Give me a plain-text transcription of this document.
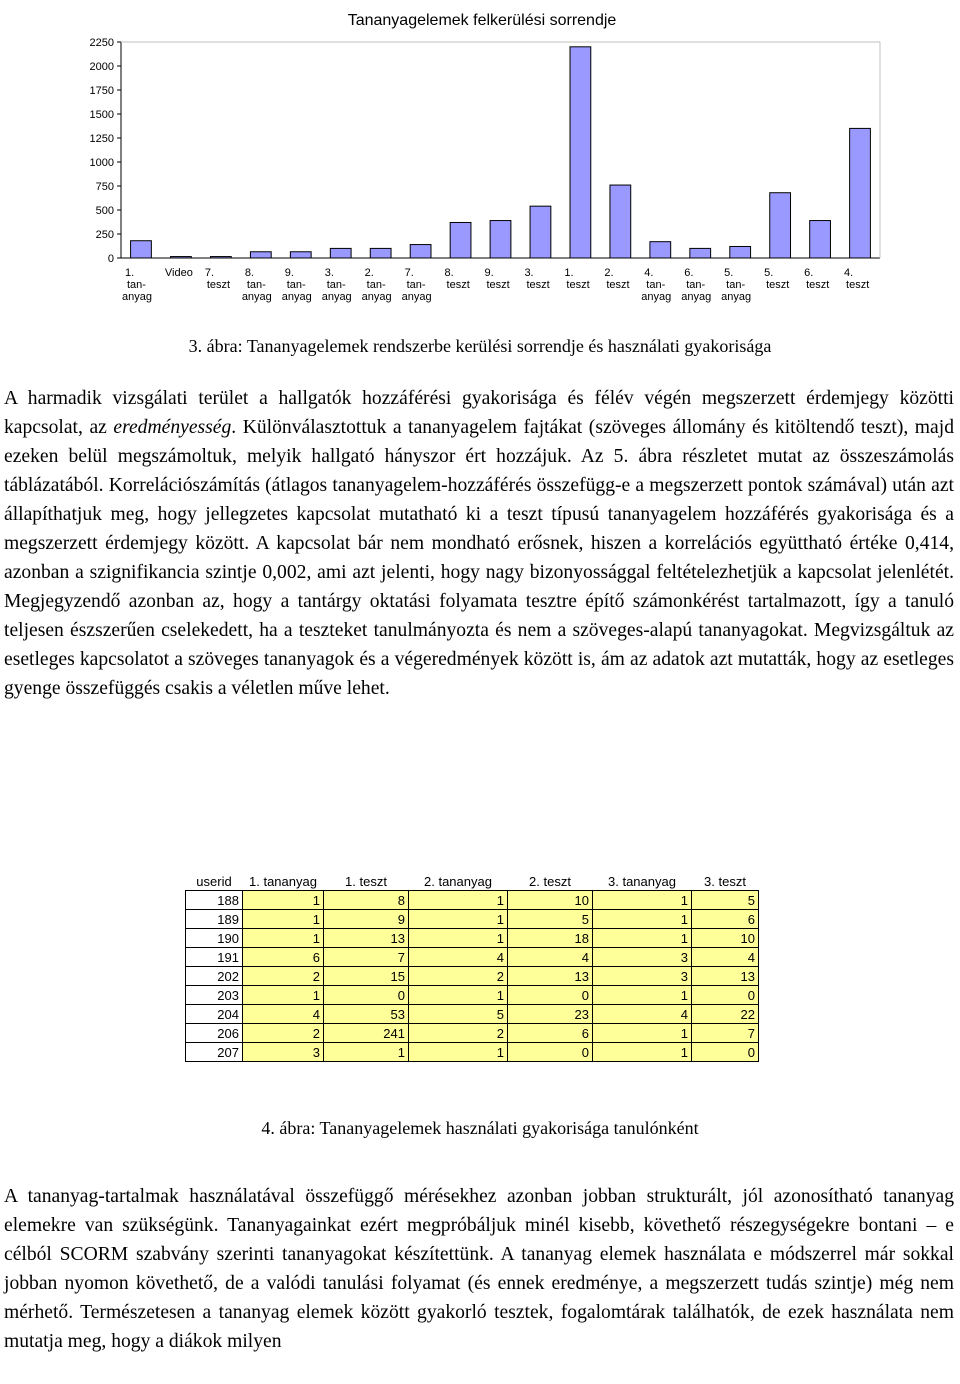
Tananyagelemek felkerülési sorrendje
0
250
500
750
1000
1250
1500
1750
2000
2250
1. tan-anyag
Video 7. teszt
8. tan-anyag
9. tan-anyag
3. tan-anyag
2. tan-anyag
7. tan-anyag
8. teszt
9. teszt
3. teszt
1. teszt
2. teszt
4. tan-anyag
6. tan-anyag
5. tan-anyag
5. teszt
6. teszt
4. teszt
3. ábra: Tananyagelemek rendszerbe kerülési sorrendje és használati gyakorisága

A harmadik vizsgálati terület a hallgatók hozzáférési gyakorisága és félév végén megszerzett érdemjegy közötti kapcsolat, az eredményesség. Különválasztottuk a tananyagelem fajtákat (szöveges állomány és kitöltendő teszt), majd ezeken belül megszámoltuk, melyik hallgató hányszor ért hozzájuk. Az 5. ábra részletet mutat az összeszámolás táblázatából. Korrelációszámítás (átlagos tananyagelem-hozzáférés összefügg-e a megszerzett pontok számával) után azt állapíthatjuk meg, hogy jellegzetes kapcsolat mutatható ki a teszt típusú tananyagelem hozzáférés gyakorisága és a megszerzett érdemjegy között. A kapcsolat bár nem mondható erősnek, hiszen a korrelációs együttható értéke 0,414, azonban a szignifikancia szintje 0,002, ami azt jelenti, hogy nagy bizonyossággal feltételezhetjük a kapcsolat jelenlétét. Megjegyzendő azonban az, hogy a tantárgy oktatási folyamata tesztre építő számonkérést tartalmazott, így a tanuló teljesen észszerűen cselekedett, ha a teszteket tanulmányozta és nem a szöveges-alapú tananyagokat. Megvizsgáltuk az esetleges kapcsolatot a szöveges tananyagok és a végeredmények között is, ám az adatok azt mutatták, hogy az esetleges gyenge összefüggés csakis a véletlen műve lehet.

userid	1. tananyag	1. teszt	2. tananyag	2. teszt	3. tananyag	3. teszt
188	1	8	1	10	1	5
189	1	9	1	5	1	6
190	1	13	1	18	1	10
191	6	7	4	4	3	4
202	2	15	2	13	3	13
203	1	0	1	0	1	0
204	4	53	5	23	4	22
206	2	241	2	6	1	7
207	3	1	1	0	1	0
4. ábra: Tananyagelemek használati gyakorisága tanulónként

A tananyag-tartalmak használatával összefüggő mérésekhez azonban jobban strukturált, jól azonosítható tananyag elemekre van szükségünk. Tananyagainkat ezért megpróbáljuk minél kisebb, követhető részegységekre bontani – e célból SCORM szabvány szerinti tananyagokat készítettünk. A tananyag elemek használata e módszerrel már sokkal jobban nyomon követhető, de a valódi tanulási folyamat (és ennek eredménye, a megszerzett tudás szintje) még nem mérhető. Természetesen a tananyag elemek között gyakorló tesztek, fogalomtárak találhatók, de ezek használata nem mutatja meg, hogy a diákok milyen
